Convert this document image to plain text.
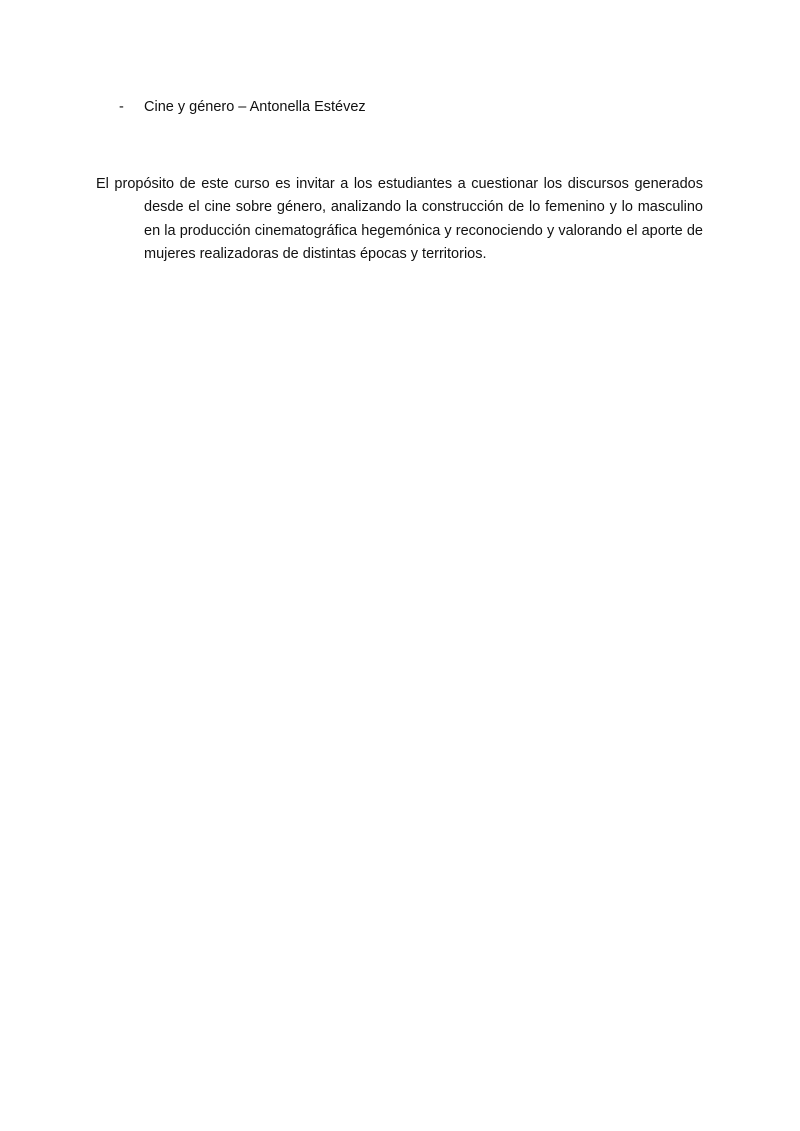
- Cine y género – Antonella Estévez

El propósito de este curso es invitar a los estudiantes a cuestionar los discursos generados desde el cine sobre género, analizando la construcción de lo femenino y lo masculino en la producción cinematográfica hegemónica y reconociendo y valorando el aporte de mujeres realizadoras de distintas épocas y territorios.
